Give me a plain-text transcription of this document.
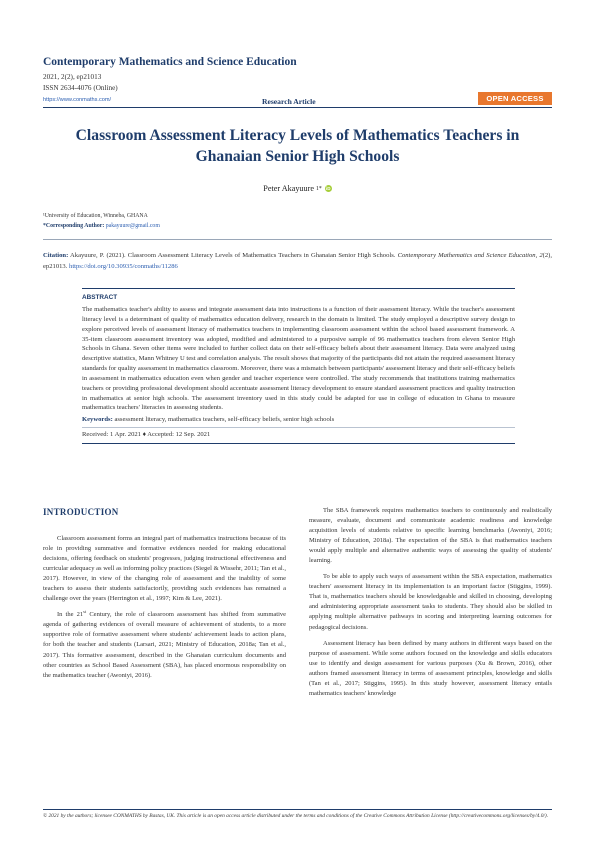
Contemporary Mathematics and Science Education
2021, 2(2), ep21013
ISSN 2634-4076 (Online)
https://www.conmaths.com/	Research Article	OPEN ACCESS
Classroom Assessment Literacy Levels of Mathematics Teachers in Ghanaian Senior High Schools
Peter Akayuure 1* iD
¹University of Education, Winneba, GHANA
*Corresponding Author: pakayuure@gmail.com
Citation: Akayuure, P. (2021). Classroom Assessment Literacy Levels of Mathematics Teachers in Ghanaian Senior High Schools. Contemporary Mathematics and Science Education, 2(2), ep21013. https://doi.org/10.30935/conmaths/11286
ABSTRACT
The mathematics teacher's ability to assess and integrate assessment data into instructions is a function of their assessment literacy. While the teacher's assessment literacy level is a determinant of quality of mathematics education delivery, research in the domain is limited. The study employed a descriptive survey design to explore perceived levels of assessment literacy of mathematics teachers in implementing classroom assessment within the school based assessment framework. A 35-item classroom assessment inventory was adopted, modified and administered to a purposive sample of 96 mathematics teachers from eleven Senior High Schools in Ghana. Seven other items were included to further collect data on their self-efficacy beliefs about their assessment literacy. Data were analyzed using descriptive statistics, Mann Whitney U test and correlation analysis. The result shows that majority of the participants did not attain the required assessment literacy standards for quality assessment in mathematics classroom. Moreover, there was a mismatch between participants' assessment literacy and their self-efficacy beliefs in assessment in mathematics education even when gender and teacher experience were controlled. The study recommends that institutions training mathematics teachers or providing professional development should accentuate assessment literacy development to ensure standard assessment practices and quality instruction in mathematics at senior high schools. The assessment inventory used in this study could be adapted for use in college of education in Ghana to measure mathematics teachers' literacies in assessing students.
Keywords: assessment literacy, mathematics teachers, self-efficacy beliefs, senior high schools
Received: 1 Apr. 2021 ♦ Accepted: 12 Sep. 2021
INTRODUCTION

Classroom assessment forms an integral part of mathematics instructions because of its role in providing summative and formative evidences needed for making educational decisions, offering feedback on students' progresses, judging instructional effectiveness and curricular adequacy as well as informing policy practices (Siegel & Wissehr, 2011; Tan et al., 2017). However, in view of the changing role of assessment and the inability of some teachers to assess their students satisfactorily, providing such evidences has remained a challenge over the years (Herrington et al., 1997; Kim & Lee, 2021).

In the 21st Century, the role of classroom assessment has shifted from summative agenda of gathering evidences of overall measure of achievement of students, to a more supportive role of formative assessment where students' achievement leads to action plans, for both the teacher and students (Larsari, 2021; Ministry of Education, 2018a; Tan et al., 2017). This formative assessment, described in the Ghanaian curriculum documents and other countries as School Based Assessment (SBA), has placed enormous responsibility on the mathematics teacher (Awoniyi, 2016).

The SBA framework requires mathematics teachers to continuously and realistically measure, evaluate, document and communicate academic readiness and knowledge acquisition levels of students relative to specific learning benchmarks (Awoniyi, 2016; Ministry of Education, 2018a). The expectation of the SBA is that mathematics teachers would apply multiple and alternative authentic ways of assessing the quality of students' learning.

To be able to apply such ways of assessment within the SBA expectation, mathematics teachers' assessment literacy in its implementation is an important factor (Stiggins, 1999). That is, mathematics teachers should be knowledgeable and skilled in choosing, developing and administering appropriate assessment tasks to students. They should also be skilled in applying multiple alternative pathways in scoring and interpreting learning outcomes for pedagogical decisions.

Assessment literacy has been defined by many authors in different ways based on the purpose of assessment. While some authors focused on the knowledge and skills educators use to identify and design assessment for various purposes (Xu & Brown, 2016), other authors framed assessment literacy in terms of assessment principles, knowledge and skills (Tan et al., 2017; Stiggins, 1995). In this study however, assessment literacy entails mathematics teachers' knowledge

© 2021 by the authors; licensee CONMATHS by Bastas, UK. This article is an open access article distributed under the terms and conditions of the Creative Commons Attribution License (http://creativecommons.org/licenses/by/4.0/).
